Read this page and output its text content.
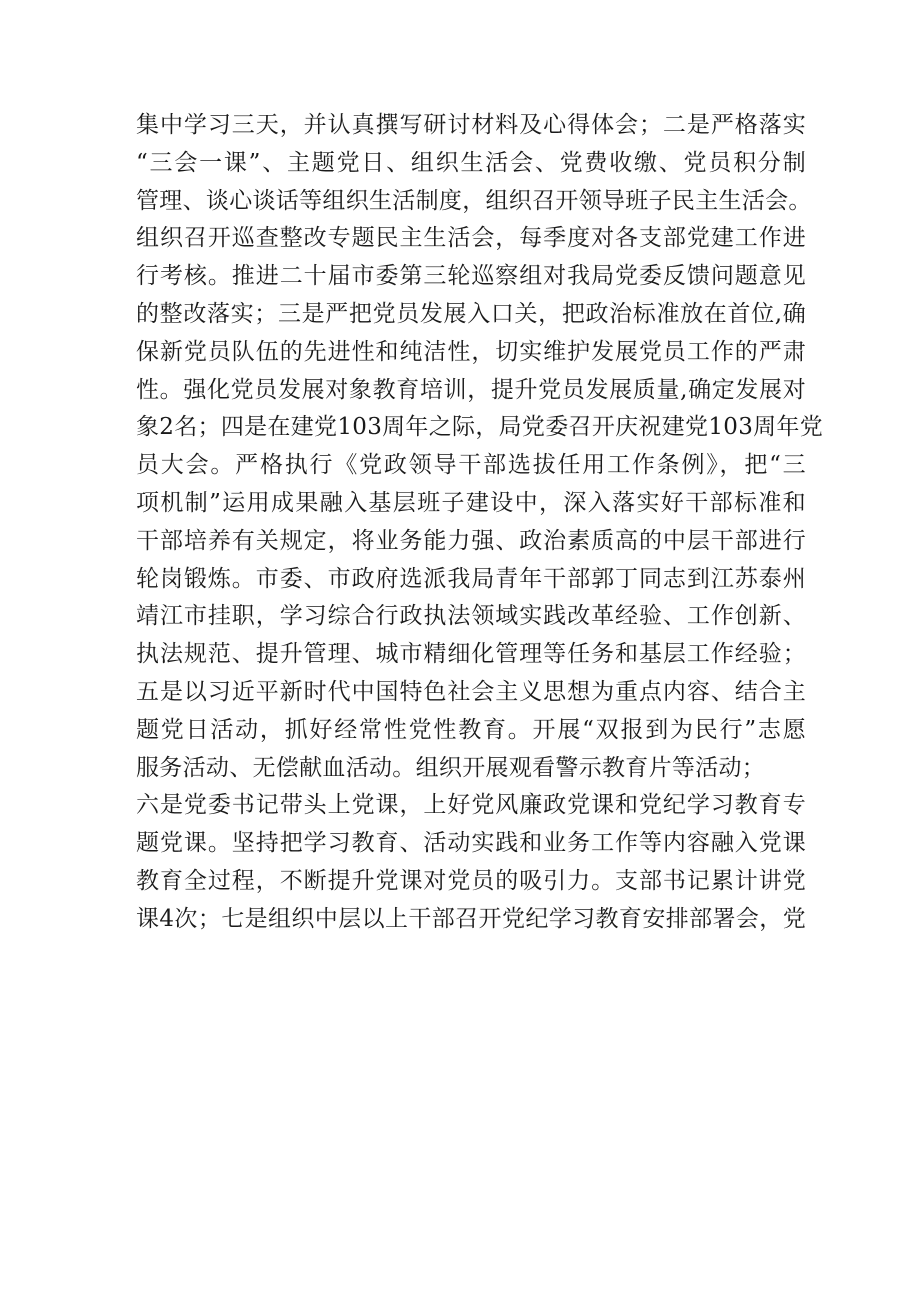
集中学习三天，并认真撰写研讨材料及心得体会；二是严格落实
“三会一课”、主题党日、组织生活会、党费收缴、党员积分制
管理、谈心谈话等组织生活制度，组织召开领导班子民主生活会。
组织召开巡查整改专题民主生活会，每季度对各支部党建工作进
行考核。推进二十届市委第三轮巡察组对我局党委反馈问题意见
的整改落实；三是严把党员发展入口关，把政治标准放在首位,确
保新党员队伍的先进性和纯洁性，切实维护发展党员工作的严肃
性。强化党员发展对象教育培训，提升党员发展质量,确定发展对
象2名；四是在建党103周年之际，局党委召开庆祝建党103周年党
员大会。严格执行《党政领导干部选拔任用工作条例》，把“三
项机制”运用成果融入基层班子建设中，深入落实好干部标准和
干部培养有关规定，将业务能力强、政治素质高的中层干部进行
轮岗锻炼。市委、市政府选派我局青年干部郭丁同志到江苏泰州
靖江市挂职，学习综合行政执法领域实践改革经验、工作创新、
执法规范、提升管理、城市精细化管理等任务和基层工作经验；
五是以习近平新时代中国特色社会主义思想为重点内容、结合主
题党日活动，抓好经常性党性教育。开展“双报到为民行”志愿
服务活动、无偿献血活动。组织开展观看警示教育片等活动；
六是党委书记带头上党课，上好党风廉政党课和党纪学习教育专
题党课。坚持把学习教育、活动实践和业务工作等内容融入党课
教育全过程，不断提升党课对党员的吸引力。支部书记累计讲党
课4次；七是组织中层以上干部召开党纪学习教育安排部署会，党
